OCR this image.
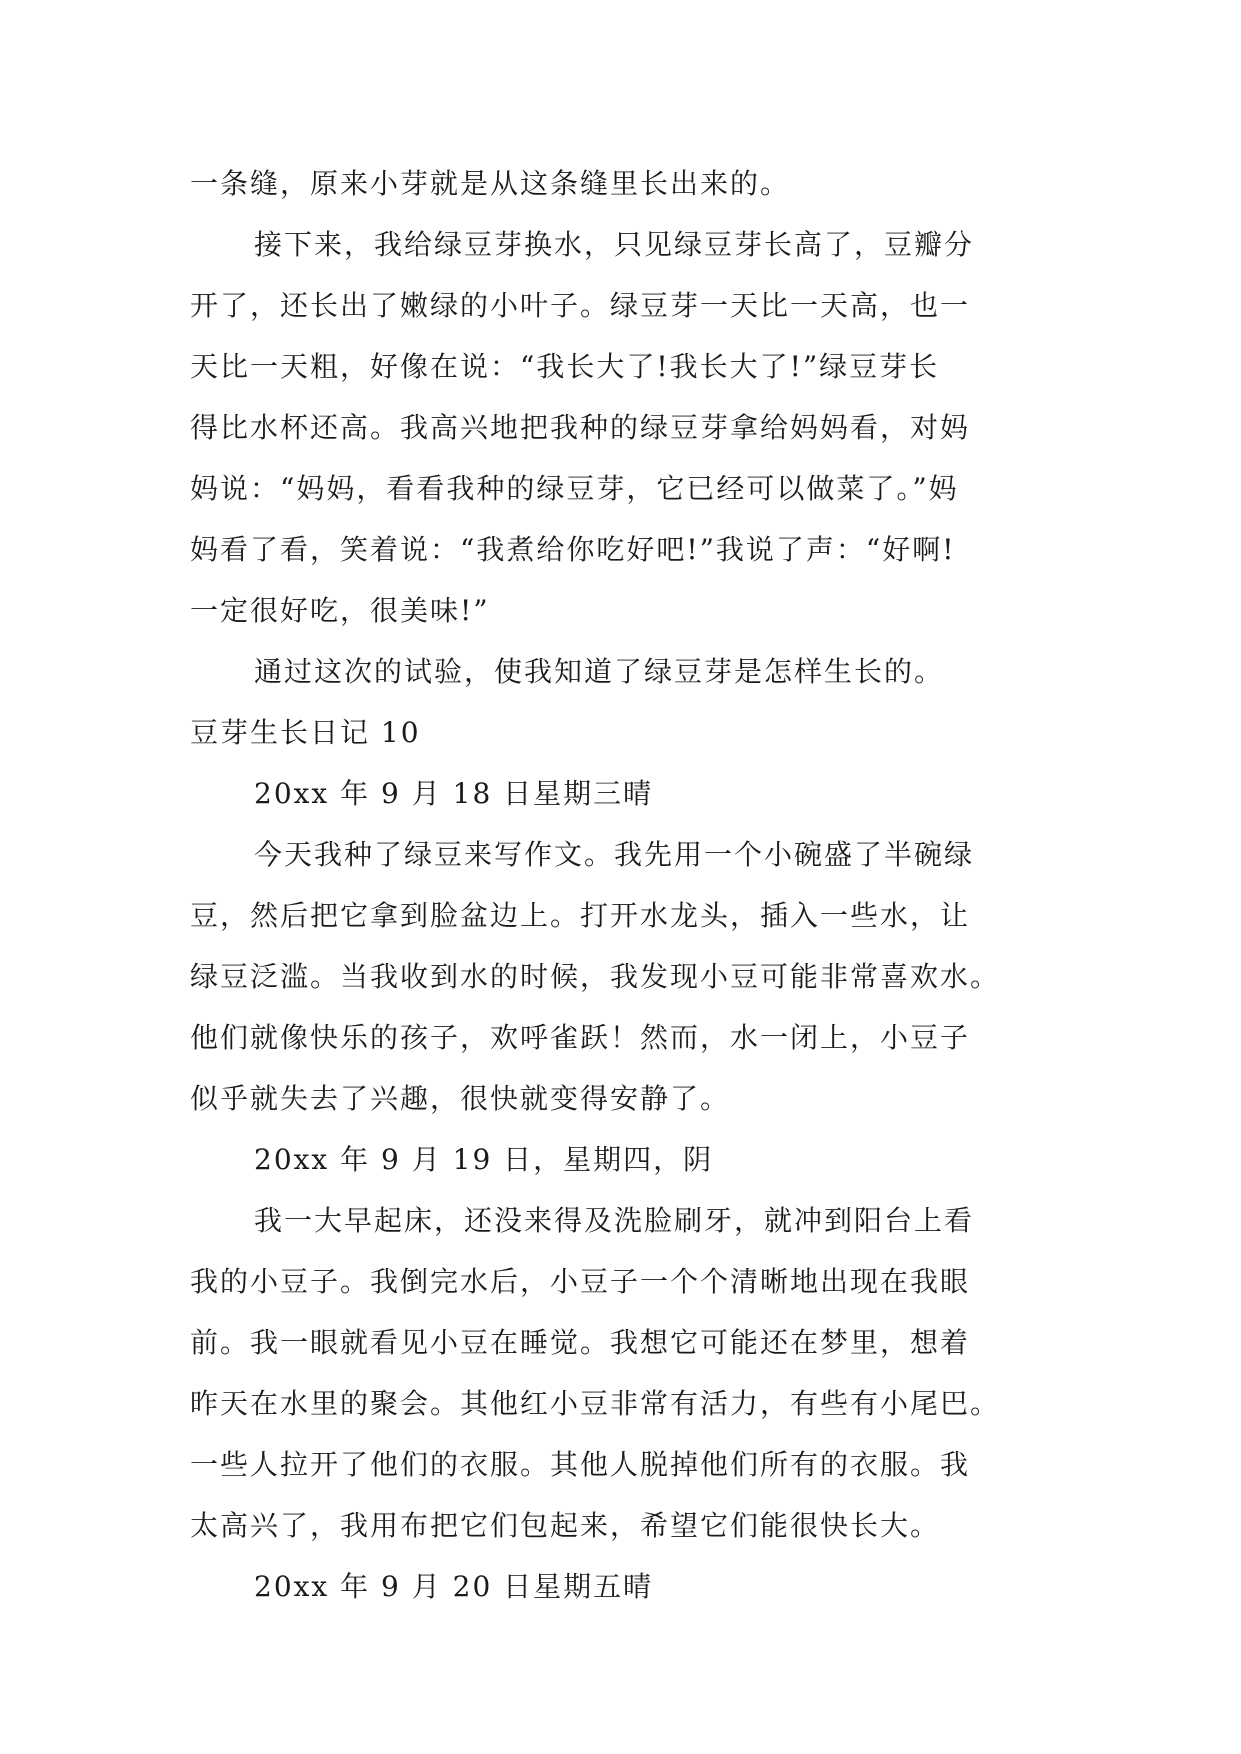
一条缝，原来小芽就是从这条缝里长出来的。
接下来，我给绿豆芽换水，只见绿豆芽长高了，豆瓣分
开了，还长出了嫩绿的小叶子。绿豆芽一天比一天高，也一
天比一天粗，好像在说：“我长大了!我长大了!”绿豆芽长
得比水杯还高。我高兴地把我种的绿豆芽拿给妈妈看，对妈
妈说：“妈妈，看看我种的绿豆芽，它已经可以做菜了。”妈
妈看了看，笑着说：“我煮给你吃好吧!”我说了声：“好啊!
一定很好吃，很美味!”
通过这次的试验，使我知道了绿豆芽是怎样生长的。
豆芽生长日记 10
20xx 年 9 月 18 日星期三晴
今天我种了绿豆来写作文。我先用一个小碗盛了半碗绿
豆，然后把它拿到脸盆边上。打开水龙头，插入一些水，让
绿豆泛滥。当我收到水的时候，我发现小豆可能非常喜欢水。
他们就像快乐的孩子，欢呼雀跃！然而，水一闭上，小豆子
似乎就失去了兴趣，很快就变得安静了。
20xx 年 9 月 19 日，星期四，阴
我一大早起床，还没来得及洗脸刷牙，就冲到阳台上看
我的小豆子。我倒完水后，小豆子一个个清晰地出现在我眼
前。我一眼就看见小豆在睡觉。我想它可能还在梦里，想着
昨天在水里的聚会。其他红小豆非常有活力，有些有小尾巴。
一些人拉开了他们的衣服。其他人脱掉他们所有的衣服。我
太高兴了，我用布把它们包起来，希望它们能很快长大。
20xx 年 9 月 20 日星期五晴
